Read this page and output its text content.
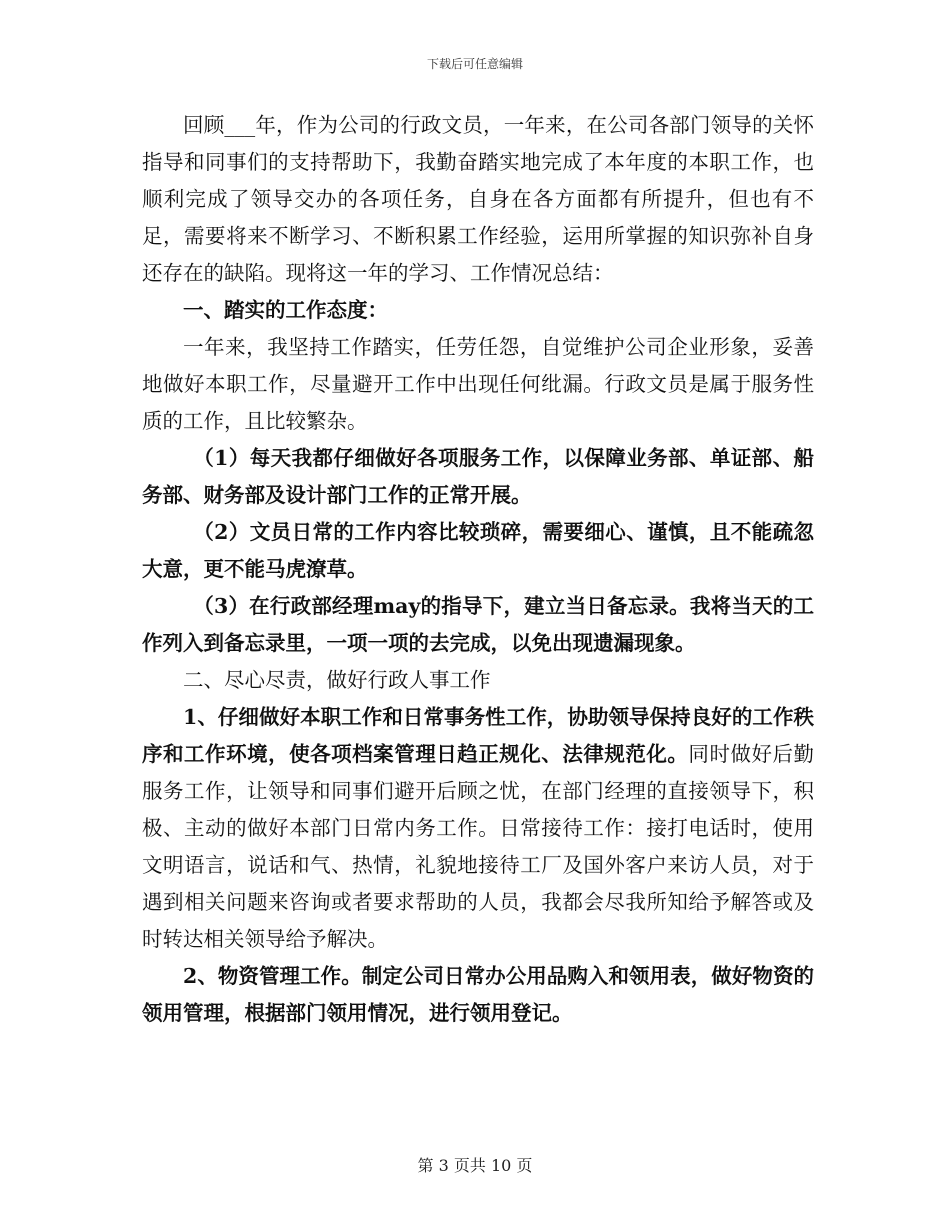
下载后可任意编辑

回顾___年，作为公司的行政文员，一年来，在公司各部门领导的关怀指导和同事们的支持帮助下，我勤奋踏实地完成了本年度的本职工作，也顺利完成了领导交办的各项任务，自身在各方面都有所提升，但也有不足，需要将来不断学习、不断积累工作经验，运用所掌握的知识弥补自身还存在的缺陷。现将这一年的学习、工作情况总结：

一、踏实的工作态度：

一年来，我坚持工作踏实，任劳任怨，自觉维护公司企业形象，妥善地做好本职工作，尽量避开工作中出现任何纰漏。行政文员是属于服务性质的工作，且比较繁杂。

（1）每天我都仔细做好各项服务工作，以保障业务部、单证部、船务部、财务部及设计部门工作的正常开展。

（2）文员日常的工作内容比较琐碎，需要细心、谨慎，且不能疏忽大意，更不能马虎潦草。

（3）在行政部经理may的指导下，建立当日备忘录。我将当天的工作列入到备忘录里，一项一项的去完成，以免出现遗漏现象。

二、尽心尽责，做好行政人事工作

1、仔细做好本职工作和日常事务性工作，协助领导保持良好的工作秩序和工作环境，使各项档案管理日趋正规化、法律规范化。同时做好后勤服务工作，让领导和同事们避开后顾之忧，在部门经理的直接领导下，积极、主动的做好本部门日常内务工作。日常接待工作：接打电话时，使用文明语言，说话和气、热情，礼貌地接待工厂及国外客户来访人员，对于遇到相关问题来咨询或者要求帮助的人员，我都会尽我所知给予解答或及时转达相关领导给予解决。

2、物资管理工作。制定公司日常办公用品购入和领用表，做好物资的领用管理，根据部门领用情况，进行领用登记。

第 3 页共 10 页
